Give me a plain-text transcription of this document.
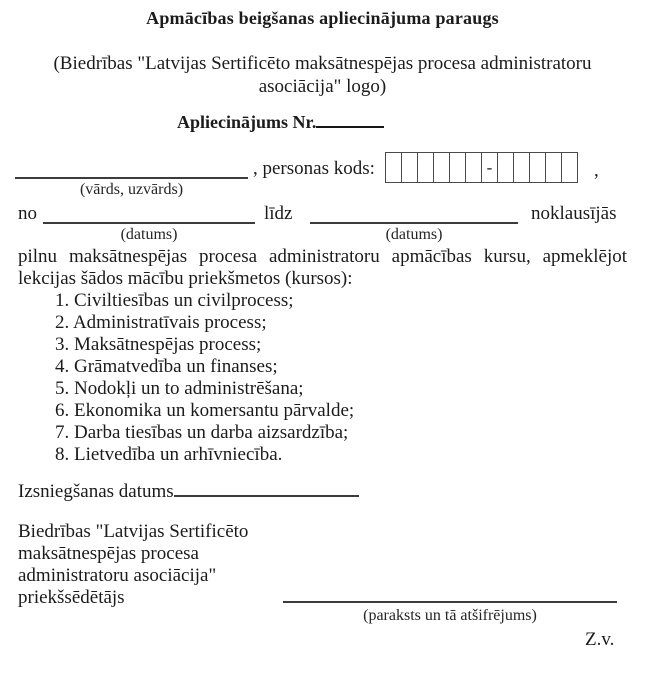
Apmācības beigšanas apliecinājuma paraugs
(Biedrības "Latvijas Sertificēto maksātnespējas procesa administratoru asociācija" logo)
Apliecinājums Nr.
, personas kods:	-	,
(vārds, uzvārds)
no	līdz	noklausījās
(datums)	(datums)
pilnu maksātnespējas procesa administratoru apmācības kursu, apmeklējot lekcijas šādos mācību priekšmetos (kursos):
1. Civiltiesības un civilprocess;
2. Administratīvais process;
3. Maksātnespējas process;
4. Grāmatvedība un finanses;
5. Nodokļi un to administrēšana;
6. Ekonomika un komersantu pārvalde;
7. Darba tiesības un darba aizsardzība;
8. Lietvedība un arhīvniecība.
Izsniegšanas datums
Biedrības "Latvijas Sertificēto
maksātnespējas procesa
administratoru asociācija"
priekšsēdētājs
(paraksts un tā atšifrējums)
Z.v.
